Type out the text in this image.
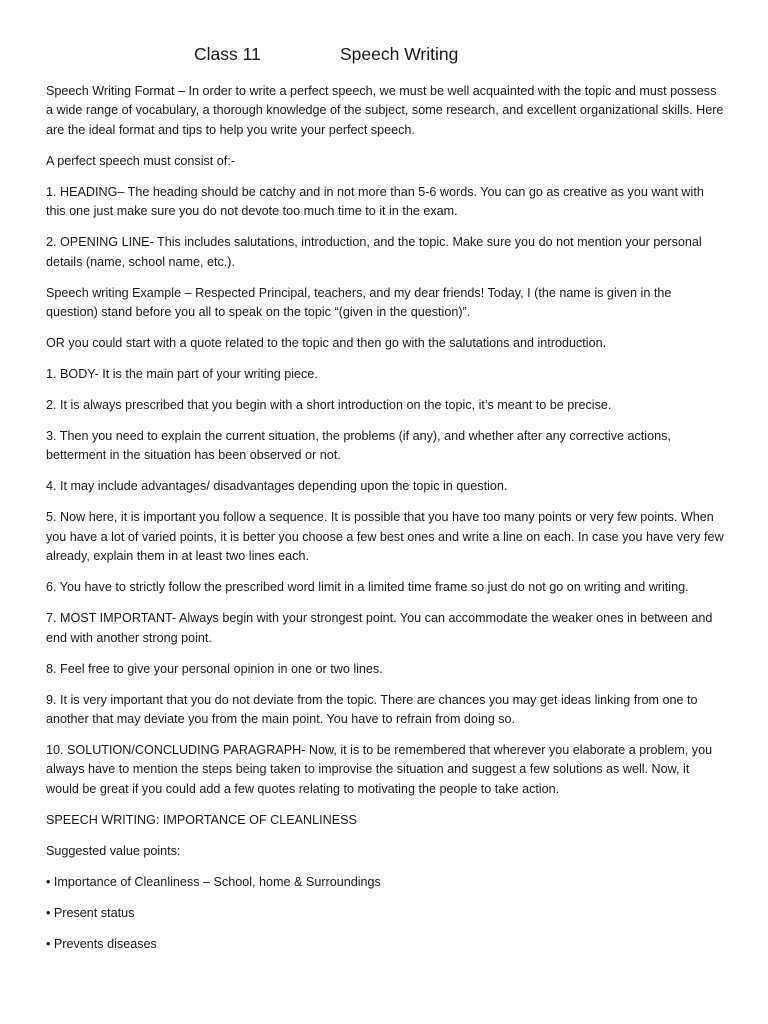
Class 11	Speech Writing

Speech Writing Format – In order to write a perfect speech, we must be well acquainted with the topic and must possess a wide range of vocabulary, a thorough knowledge of the subject, some research, and excellent organizational skills. Here are the ideal format and tips to help you write your perfect speech.

A perfect speech must consist of:-

1. HEADING– The heading should be catchy and in not more than 5-6 words. You can go as creative as you want with this one just make sure you do not devote too much time to it in the exam.

2. OPENING LINE- This includes salutations, introduction, and the topic. Make sure you do not mention your personal details (name, school name, etc.).

Speech writing Example – Respected Principal, teachers, and my dear friends! Today, I (the name is given in the question) stand before you all to speak on the topic “(given in the question)”.

OR you could start with a quote related to the topic and then go with the salutations and introduction.

1. BODY- It is the main part of your writing piece.

2. It is always prescribed that you begin with a short introduction on the topic, it’s meant to be precise.

3. Then you need to explain the current situation, the problems (if any), and whether after any corrective actions, betterment in the situation has been observed or not.

4. It may include advantages/ disadvantages depending upon the topic in question.

5. Now here, it is important you follow a sequence. It is possible that you have too many points or very few points. When you have a lot of varied points, it is better you choose a few best ones and write a line on each. In case you have very few already, explain them in at least two lines each.

6. You have to strictly follow the prescribed word limit in a limited time frame so just do not go on writing and writing.

7. MOST IMPORTANT- Always begin with your strongest point. You can accommodate the weaker ones in between and end with another strong point.

8. Feel free to give your personal opinion in one or two lines.

9. It is very important that you do not deviate from the topic. There are chances you may get ideas linking from one to another that may deviate you from the main point. You have to refrain from doing so.

10. SOLUTION/CONCLUDING PARAGRAPH- Now, it is to be remembered that wherever you elaborate a problem, you always have to mention the steps being taken to improvise the situation and suggest a few solutions as well. Now, it would be great if you could add a few quotes relating to motivating the people to take action.

SPEECH WRITING: IMPORTANCE OF CLEANLINESS

Suggested value points:

• Importance of Cleanliness – School, home & Surroundings

• Present status

• Prevents diseases
